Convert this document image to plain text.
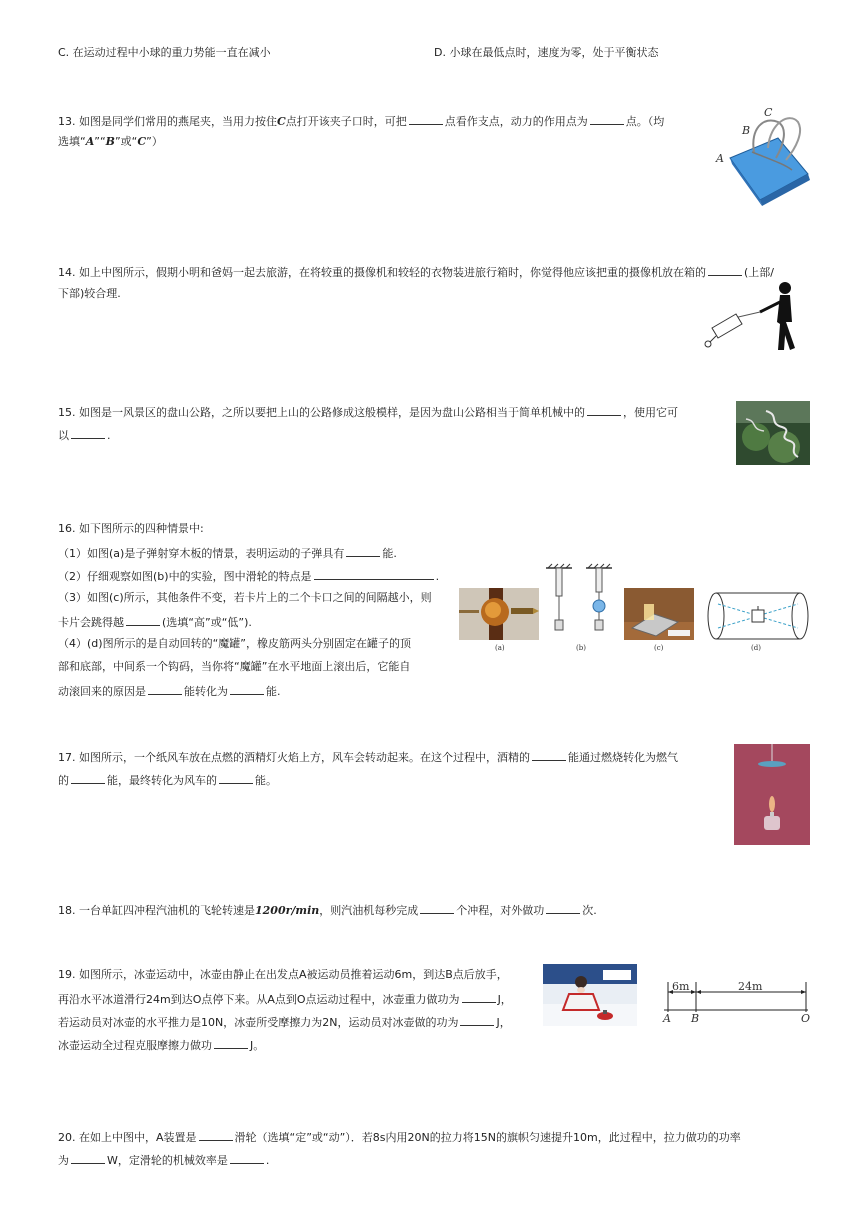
C. 在运动过程中小球的重力势能一直在减小	D. 小球在最低点时，速度为零，处于平衡状态
13. 如图是同学们常用的燕尾夹，当用力按住C点打开该夹子口时，可把	点看作支点，动力的作用点为	点。（均
选填“A”“B”或“C”）
A
B
C
14. 如上中图所示，假期小明和爸妈一起去旅游，在将较重的摄像机和较轻的衣物装进旅行箱时，你觉得他应该把重的摄像机放在箱的	(上部/
下部)较合理.
15. 如图是一风景区的盘山公路，之所以要把上山的公路修成这般模样，是因为盘山公路相当于简单机械中的	，使用它可
以	.
16. 如下图所示的四种情景中:
（1）如图(a)是子弹射穿木板的情景，表明运动的子弹具有	能.
（2）仔细观察如图(b)中的实验，图中滑轮的特点是	.
（3）如图(c)所示，其他条件不变，若卡片上的二个卡口之间的间隔越小，则
卡片会跳得越	(选填“高”或“低”).
（4）(d)图所示的是自动回转的“魔罐”，橡皮筋两头分别固定在罐子的顶
部和底部，中间系一个钩码，当你将“魔罐”在水平地面上滚出后，它能自
动滚回来的原因是	能转化为	能.
(a)	(b)	(c)	(d)
17. 如图所示，一个纸风车放在点燃的酒精灯火焰上方，风车会转动起来。在这个过程中，酒精的	能通过燃烧转化为燃气
的	能，最终转化为风车的	能。
18. 一台单缸四冲程汽油机的飞轮转速是1200r/min，则汽油机每秒完成	个冲程，对外做功	次.
19. 如图所示，冰壶运动中，冰壶由静止在出发点A被运动员推着运动6m，到达B点后放手，
再沿水平冰道滑行24m到达O点停下来。从A点到O点运动过程中，冰壶重力做功为	J，
若运动员对冰壶的水平推力是10N，冰壶所受摩擦力为2N，运动员对冰壶做的功为	J，
冰壶运动全过程克服摩擦力做功	J。
6m	24m
A B	O
20. 在如上中图中，A装置是	滑轮（选填“定”或“动”）．若8s内用20N的拉力将15N的旗帜匀速提升10m，此过程中，拉力做功的功率
为	W，定滑轮的机械效率是	.
